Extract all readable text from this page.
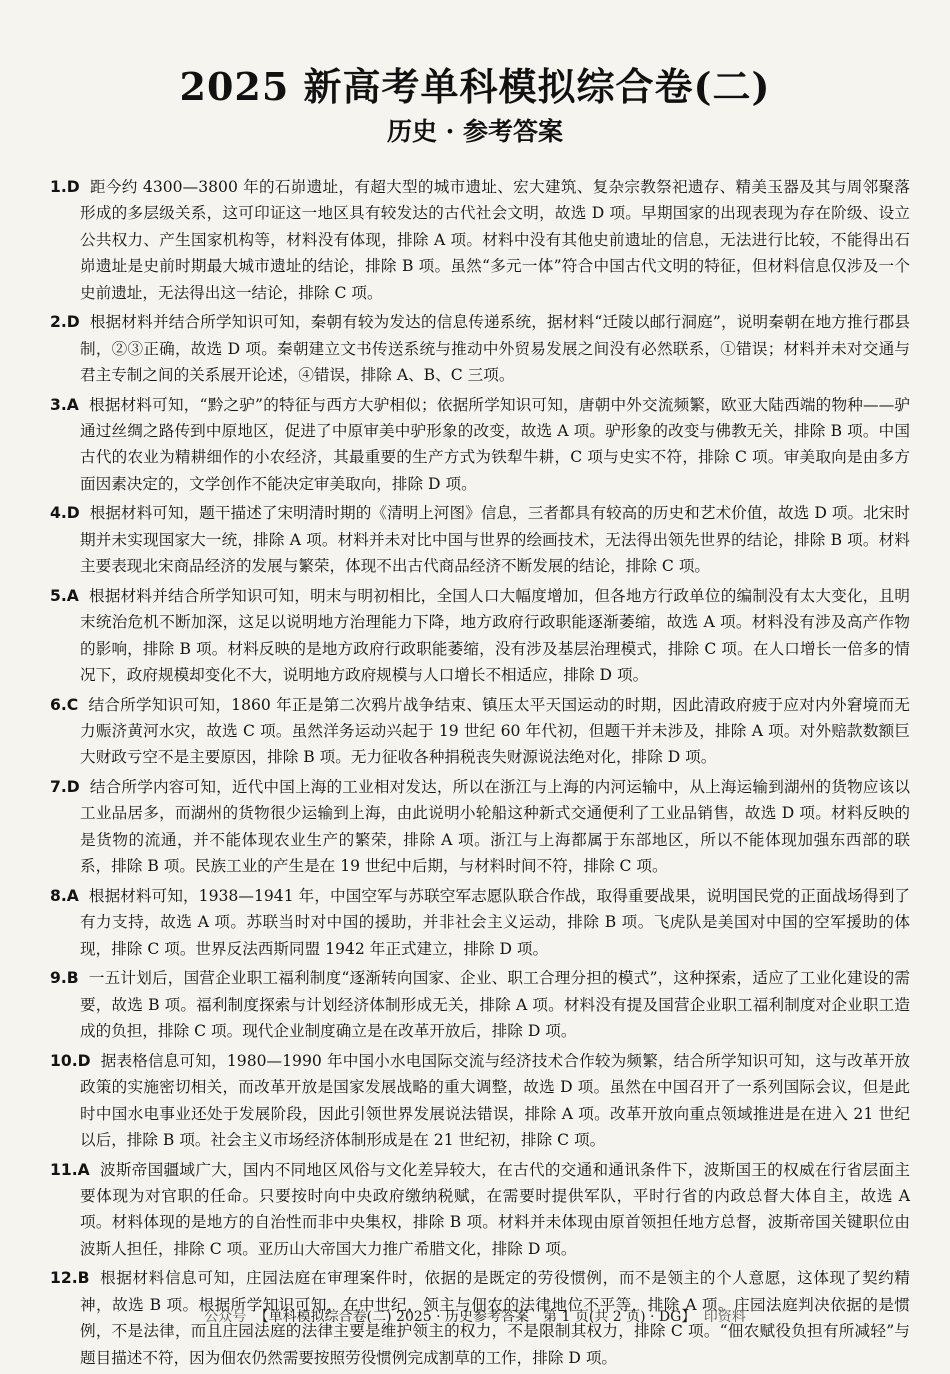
2025 新高考单科模拟综合卷(二)
历史 · 参考答案

1.D 距今约 4300—3800 年的石峁遗址，有超大型的城市遗址、宏大建筑、复杂宗教祭祀遗存、精美玉器及其与周邻聚落形成的多层级关系，这可印证这一地区具有较发达的古代社会文明，故选 D 项。早期国家的出现表现为存在阶级、设立公共权力、产生国家机构等，材料没有体现，排除 A 项。材料中没有其他史前遗址的信息，无法进行比较，不能得出石峁遗址是史前时期最大城市遗址的结论，排除 B 项。虽然“多元一体”符合中国古代文明的特征，但材料信息仅涉及一个史前遗址，无法得出这一结论，排除 C 项。

2.D 根据材料并结合所学知识可知，秦朝有较为发达的信息传递系统，据材料“迁陵以邮行洞庭”，说明秦朝在地方推行郡县制，②③正确，故选 D 项。秦朝建立文书传送系统与推动中外贸易发展之间没有必然联系，①错误；材料并未对交通与君主专制之间的关系展开论述，④错误，排除 A、B、C 三项。

3.A 根据材料可知，“黔之驴”的特征与西方大驴相似；依据所学知识可知，唐朝中外交流频繁，欧亚大陆西端的物种——驴通过丝绸之路传到中原地区，促进了中原审美中驴形象的改变，故选 A 项。驴形象的改变与佛教无关，排除 B 项。中国古代的农业为精耕细作的小农经济，其最重要的生产方式为铁犁牛耕，C 项与史实不符，排除 C 项。审美取向是由多方面因素决定的，文学创作不能决定审美取向，排除 D 项。

4.D 根据材料可知，题干描述了宋明清时期的《清明上河图》信息，三者都具有较高的历史和艺术价值，故选 D 项。北宋时期并未实现国家大一统，排除 A 项。材料并未对比中国与世界的绘画技术，无法得出领先世界的结论，排除 B 项。材料主要表现北宋商品经济的发展与繁荣，体现不出古代商品经济不断发展的结论，排除 C 项。

5.A 根据材料并结合所学知识可知，明末与明初相比，全国人口大幅度增加，但各地方行政单位的编制没有太大变化，且明末统治危机不断加深，这足以说明地方治理能力下降，地方政府行政职能逐渐萎缩，故选 A 项。材料没有涉及高产作物的影响，排除 B 项。材料反映的是地方政府行政职能萎缩，没有涉及基层治理模式，排除 C 项。在人口增长一倍多的情况下，政府规模却变化不大，说明地方政府规模与人口增长不相适应，排除 D 项。

6.C 结合所学知识可知，1860 年正是第二次鸦片战争结束、镇压太平天国运动的时期，因此清政府疲于应对内外窘境而无力赈济黄河水灾，故选 C 项。虽然洋务运动兴起于 19 世纪 60 年代初，但题干并未涉及，排除 A 项。对外赔款数额巨大财政亏空不是主要原因，排除 B 项。无力征收各种捐税丧失财源说法绝对化，排除 D 项。

7.D 结合所学内容可知，近代中国上海的工业相对发达，所以在浙江与上海的内河运输中，从上海运输到湖州的货物应该以工业品居多，而湖州的货物很少运输到上海，由此说明小轮船这种新式交通便利了工业品销售，故选 D 项。材料反映的是货物的流通，并不能体现农业生产的繁荣，排除 A 项。浙江与上海都属于东部地区，所以不能体现加强东西部的联系，排除 B 项。民族工业的产生是在 19 世纪中后期，与材料时间不符，排除 C 项。

8.A 根据材料可知，1938—1941 年，中国空军与苏联空军志愿队联合作战，取得重要战果，说明国民党的正面战场得到了有力支持，故选 A 项。苏联当时对中国的援助，并非社会主义运动，排除 B 项。飞虎队是美国对中国的空军援助的体现，排除 C 项。世界反法西斯同盟 1942 年正式建立，排除 D 项。

9.B 一五计划后，国营企业职工福利制度“逐渐转向国家、企业、职工合理分担的模式”，这种探索，适应了工业化建设的需要，故选 B 项。福利制度探索与计划经济体制形成无关，排除 A 项。材料没有提及国营企业职工福利制度对企业职工造成的负担，排除 C 项。现代企业制度确立是在改革开放后，排除 D 项。

10.D 据表格信息可知，1980—1990 年中国小水电国际交流与经济技术合作较为频繁，结合所学知识可知，这与改革开放政策的实施密切相关，而改革开放是国家发展战略的重大调整，故选 D 项。虽然在中国召开了一系列国际会议，但是此时中国水电事业还处于发展阶段，因此引领世界发展说法错误，排除 A 项。改革开放向重点领域推进是在进入 21 世纪以后，排除 B 项。社会主义市场经济体制形成是在 21 世纪初，排除 C 项。

11.A 波斯帝国疆域广大，国内不同地区风俗与文化差异较大，在古代的交通和通讯条件下，波斯国王的权威在行省层面主要体现为对官职的任命。只要按时向中央政府缴纳税赋，在需要时提供军队，平时行省的内政总督大体自主，故选 A 项。材料体现的是地方的自治性而非中央集权，排除 B 项。材料并未体现由原首领担任地方总督，波斯帝国关键职位由波斯人担任，排除 C 项。亚历山大帝国大力推广希腊文化，排除 D 项。

12.B 根据材料信息可知，庄园法庭在审理案件时，依据的是既定的劳役惯例，而不是领主的个人意愿，这体现了契约精神，故选 B 项。根据所学知识可知，在中世纪，领主与佃农的法律地位不平等，排除 A 项。庄园法庭判决依据的是惯例，不是法律，而且庄园法庭的法律主要是维护领主的权力，不是限制其权力，排除 C 项。“佃农赋役负担有所减轻”与题目描述不符，因为佃农仍然需要按照劳役惯例完成割草的工作，排除 D 项。

公众号 【单科模拟综合卷(二) 2025 · 历史参考答案　第 1 页(共 2 页) · DG】 印资料
